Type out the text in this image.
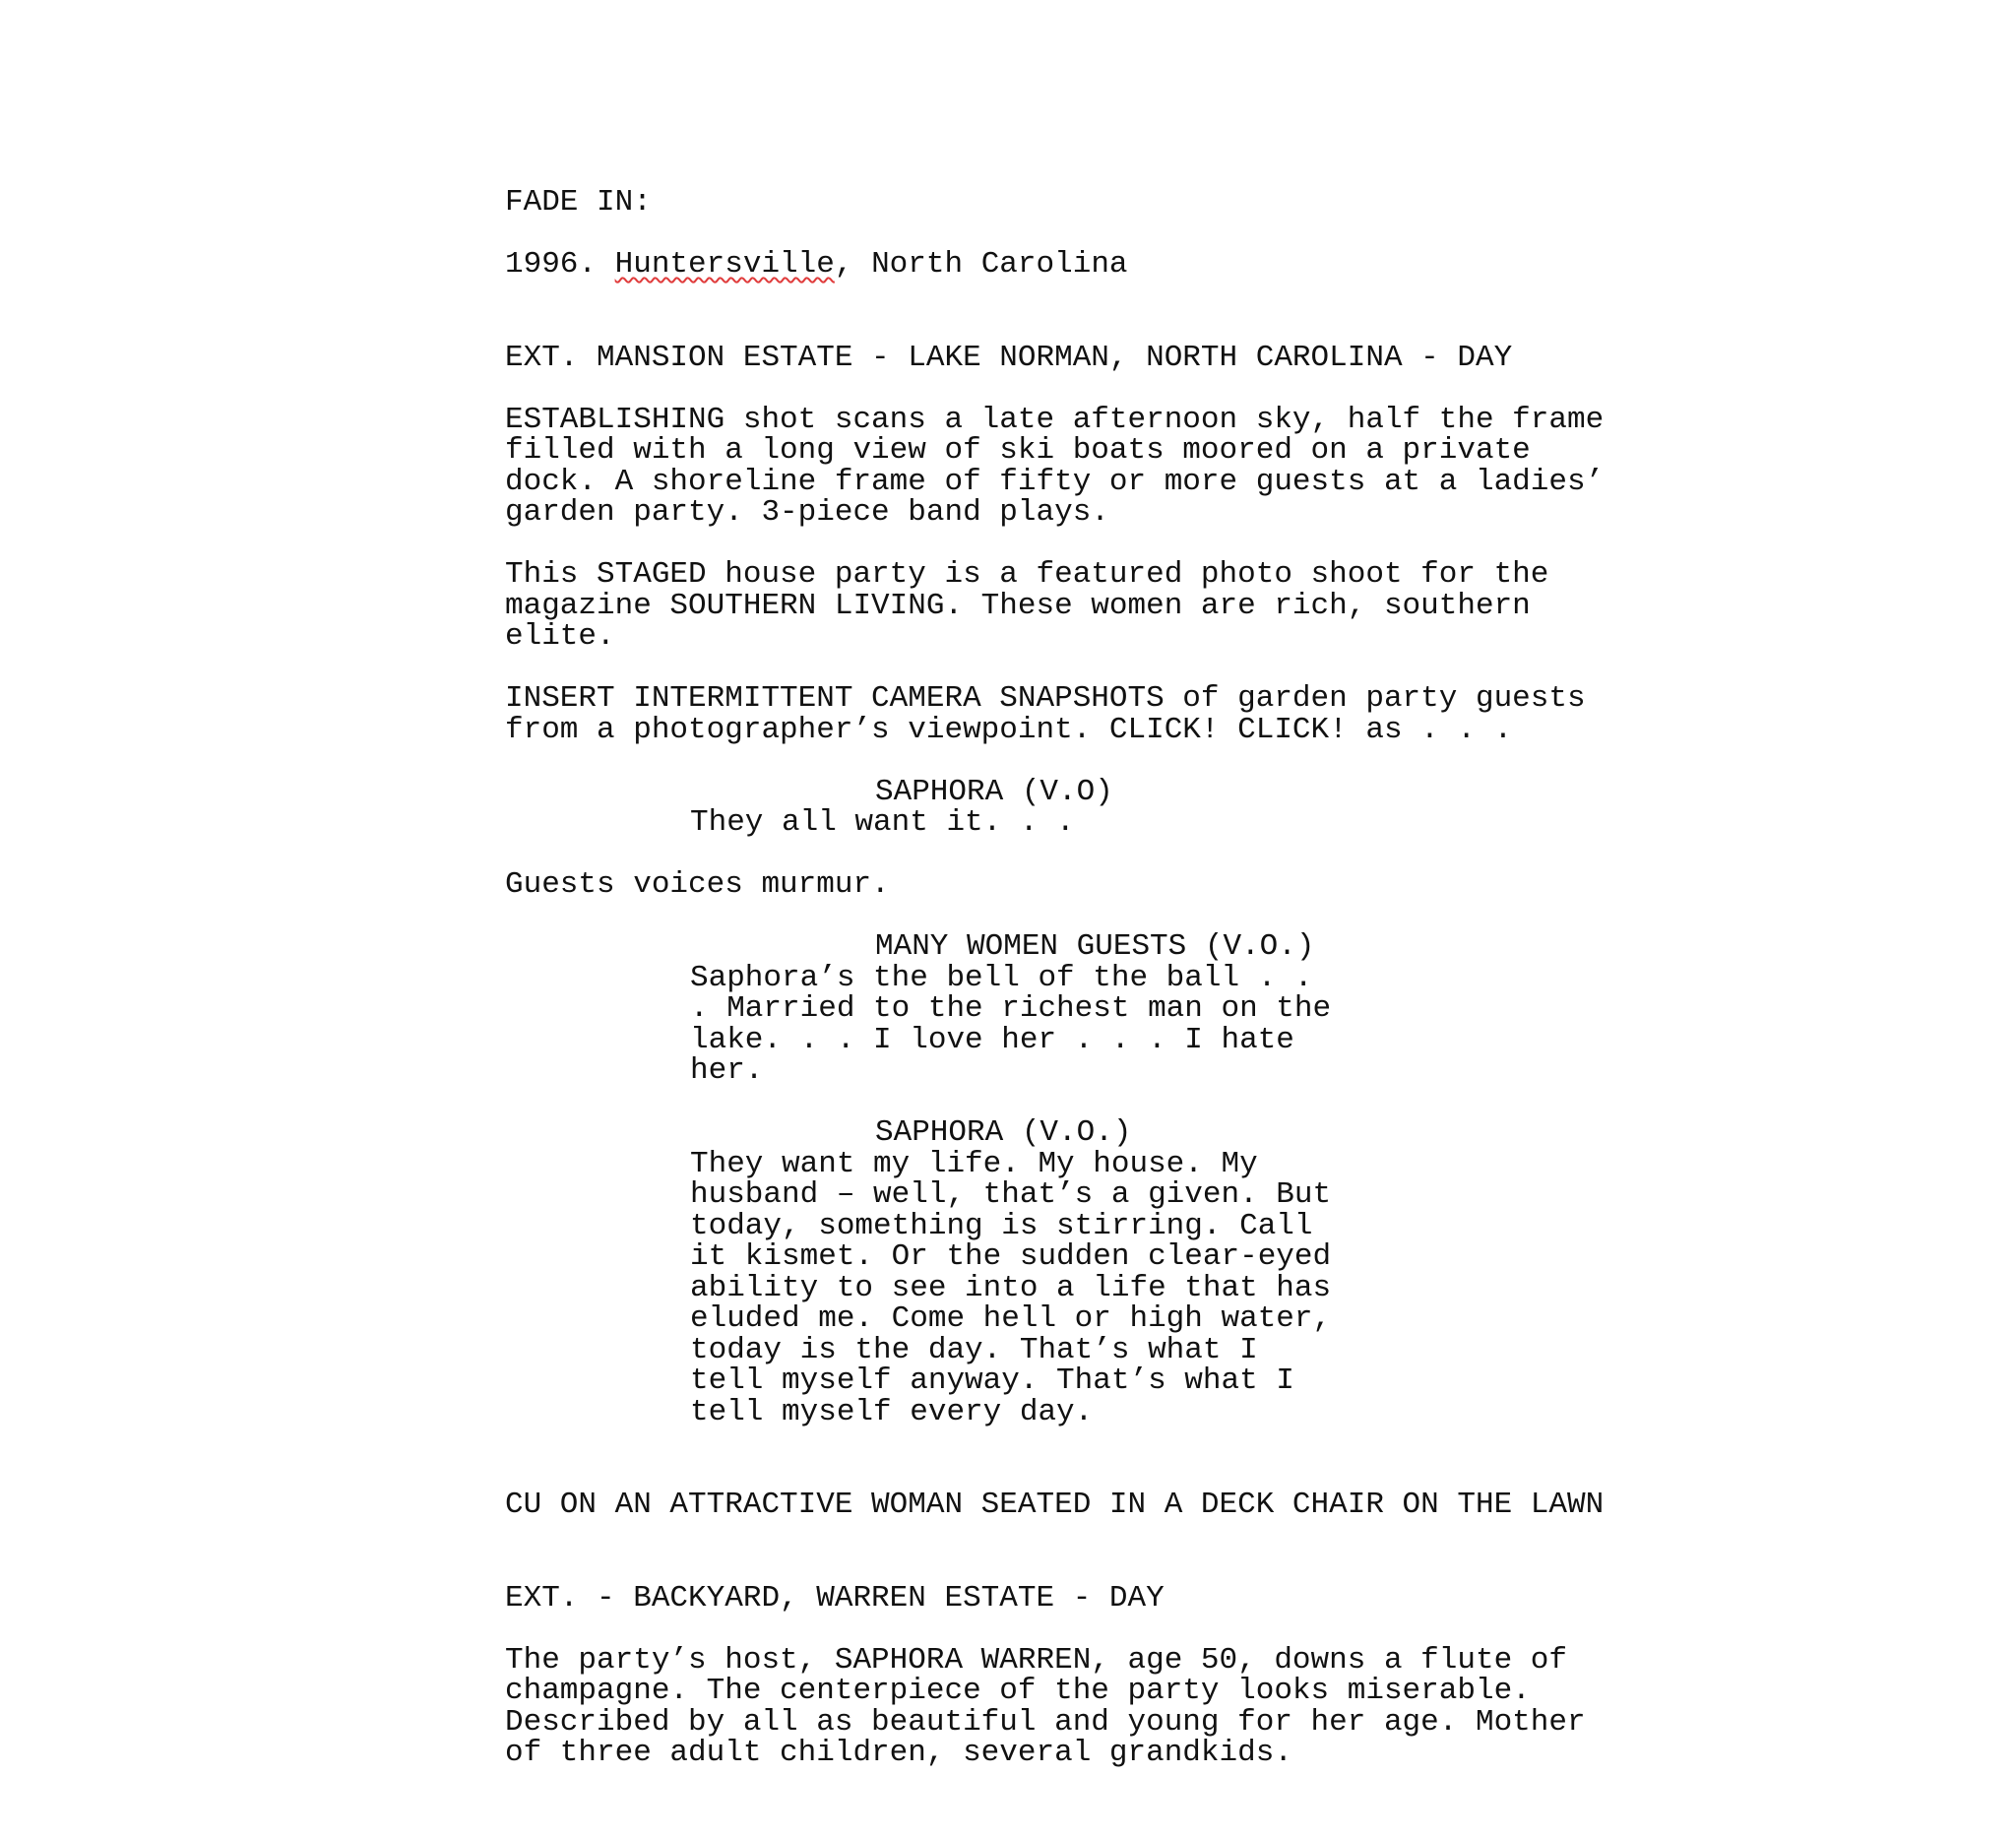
FADE IN:
1996. Huntersville, North Carolina
EXT. MANSION ESTATE - LAKE NORMAN, NORTH CAROLINA - DAY
ESTABLISHING shot scans a late afternoon sky, half the frame
filled with a long view of ski boats moored on a private
dock. A shoreline frame of fifty or more guests at a ladies’
garden party. 3-piece band plays.
This STAGED house party is a featured photo shoot for the
magazine SOUTHERN LIVING. These women are rich, southern
elite.
INSERT INTERMITTENT CAMERA SNAPSHOTS of garden party guests
from a photographer’s viewpoint. CLICK! CLICK! as . . .
SAPHORA (V.O)
They all want it. . .
Guests voices murmur.
MANY WOMEN GUESTS (V.O.)
Saphora’s the bell of the ball . .
. Married to the richest man on the
lake. . . I love her . . . I hate
her.
SAPHORA (V.O.)
They want my life. My house. My
husband – well, that’s a given. But
today, something is stirring. Call
it kismet. Or the sudden clear-eyed
ability to see into a life that has
eluded me. Come hell or high water,
today is the day. That’s what I
tell myself anyway. That’s what I
tell myself every day.
CU ON AN ATTRACTIVE WOMAN SEATED IN A DECK CHAIR ON THE LAWN
EXT. - BACKYARD, WARREN ESTATE - DAY
The party’s host, SAPHORA WARREN, age 50, downs a flute of
champagne. The centerpiece of the party looks miserable.
Described by all as beautiful and young for her age. Mother
of three adult children, several grandkids.
